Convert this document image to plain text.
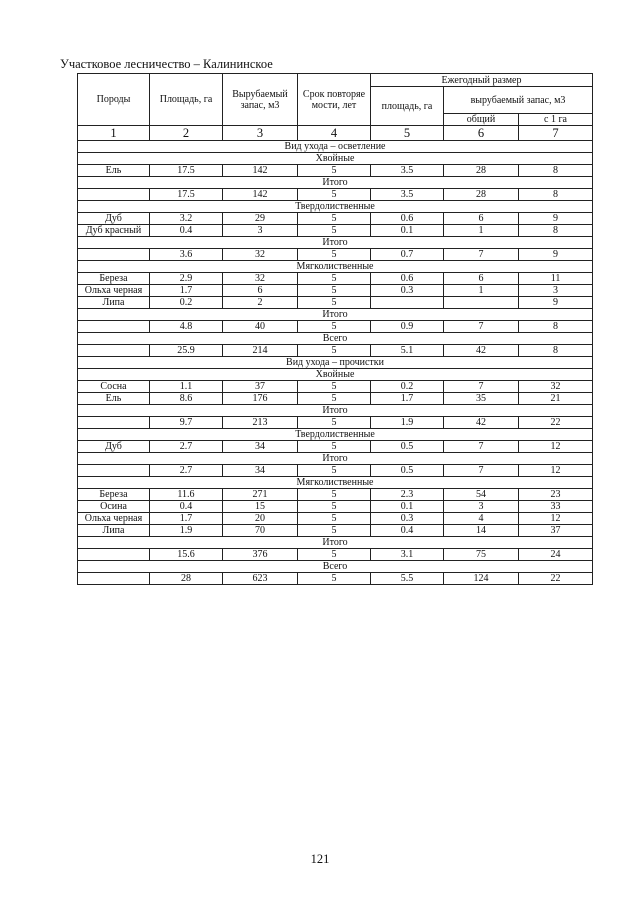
Участковое лесничество – Калининское
Породы	Площадь, га	Вырубаемый запас, м3	Срок повторяемости, лет	Ежегодный размер		
				площадь, га	вырубаемый запас, м3	
					общий	с 1 га
1	2	3	4	5	6	7
Вид ухода – осветление						
Хвойные						
Ель	17.5	142	5	3.5	28	8
Итого						
	17.5	142	5	3.5	28	8
Твердолиственные						
Дуб	3.2	29	5	0.6	6	9
Дуб красный	0.4	3	5	0.1	1	8
Итого						
	3.6	32	5	0.7	7	9
Мягколиственные						
Береза	2.9	32	5	0.6	6	11
Ольха черная	1.7	6	5	0.3	1	3
Липа	0.2	2	5			9
Итого						
	4.8	40	5	0.9	7	8
Всего						
	25.9	214	5	5.1	42	8
Вид ухода – прочистки						
Хвойные						
Сосна	1.1	37	5	0.2	7	32
Ель	8.6	176	5	1.7	35	21
Итого						
	9.7	213	5	1.9	42	22
Твердолиственные						
Дуб	2.7	34	5	0.5	7	12
Итого						
	2.7	34	5	0.5	7	12
Мягколиственные						
Береза	11.6	271	5	2.3	54	23
Осина	0.4	15	5	0.1	3	33
Ольха черная	1.7	20	5	0.3	4	12
Липа	1.9	70	5	0.4	14	37
Итого						
	15.6	376	5	3.1	75	24
Всего						
	28	623	5	5.5	124	22
121
